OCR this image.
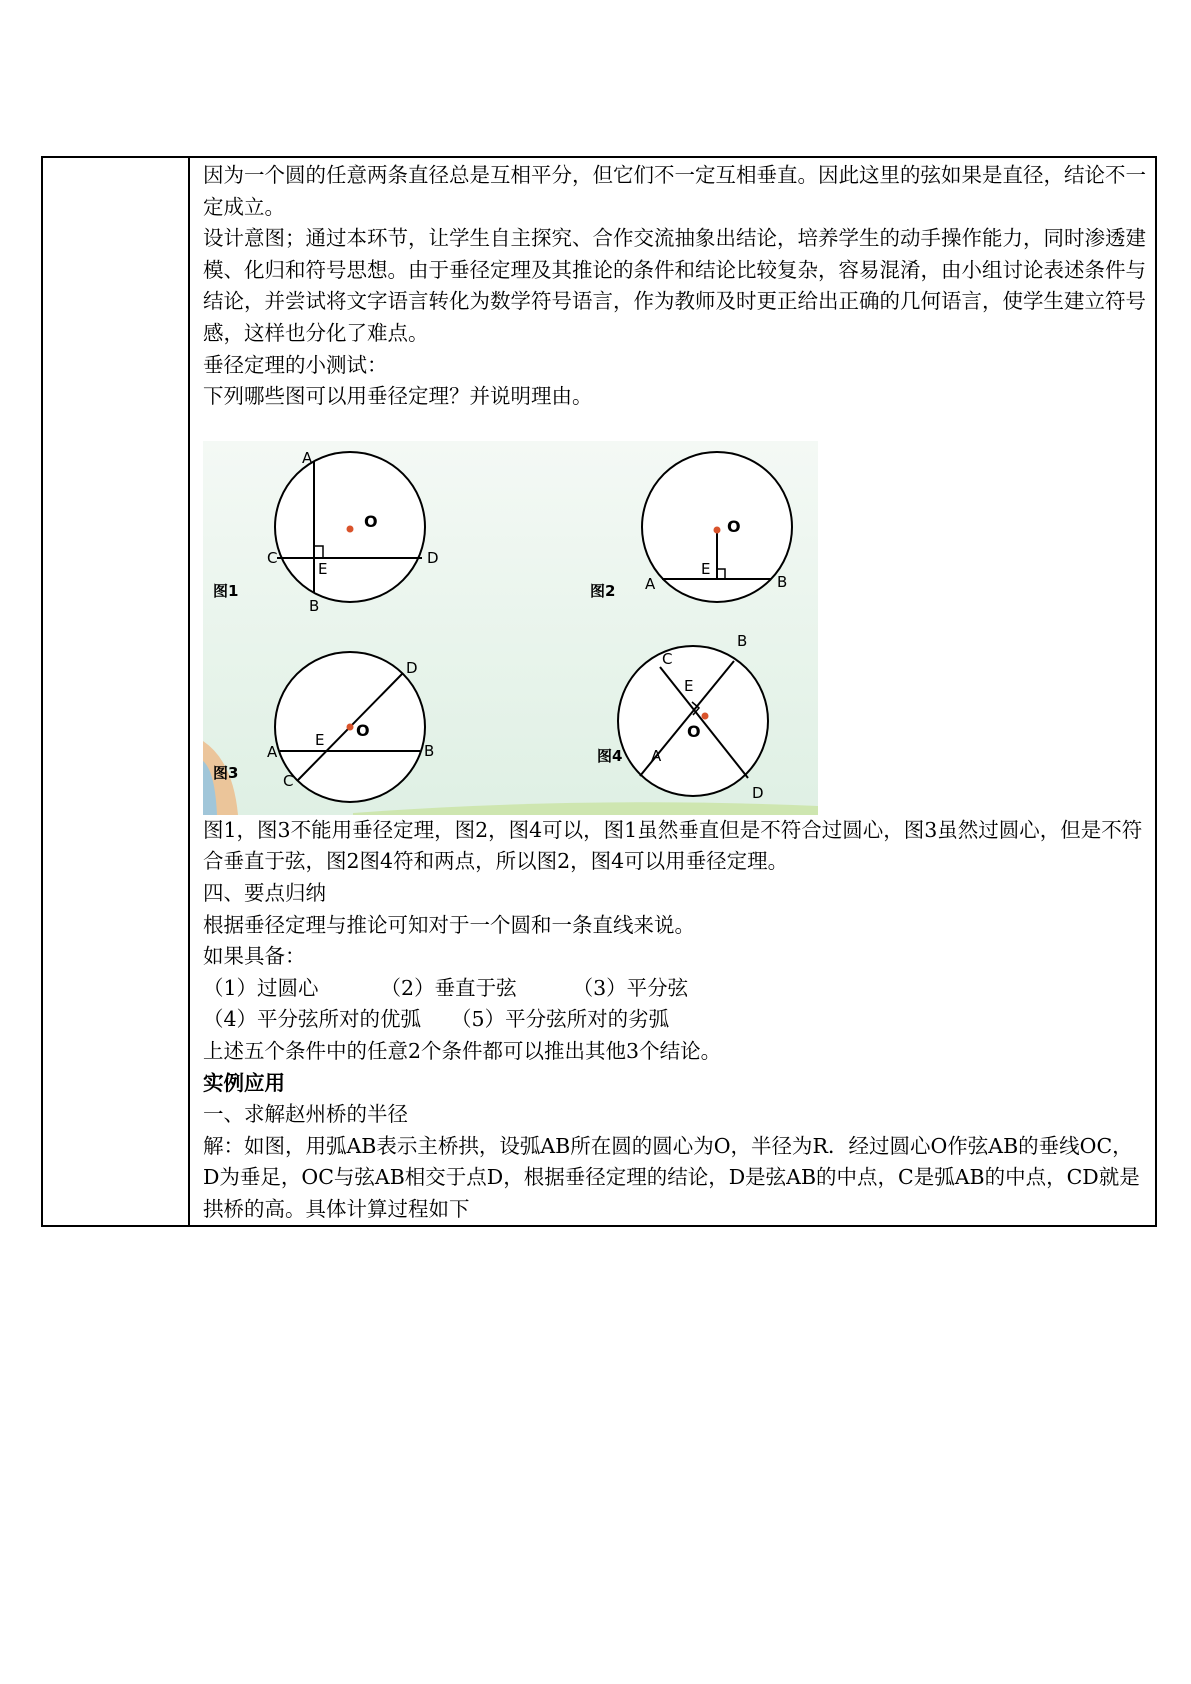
因为一个圆的任意两条直径总是互相平分，但它们不一定互相垂直。因此这里的弦如果是直径，结论不一定成立。

设计意图；通过本环节，让学生自主探究、合作交流抽象出结论，培养学生的动手操作能力，同时渗透建模、化归和符号思想。由于垂径定理及其推论的条件和结论比较复杂，容易混淆，由小组讨论表述条件与结论，并尝试将文字语言转化为数学符号语言，作为教师及时更正给出正确的几何语言，使学生建立符号感，这样也分化了难点。

垂径定理的小测试：

下列哪些图可以用垂径定理？并说明理由。

A
B
C	D
E
O
图1	A	B
E
O
图2
A	B
C
D
E O
图3
A
B
C
D
E
O
图4

图1，图3不能用垂径定理，图2，图4可以，图1虽然垂直但是不符合过圆心，图3虽然过圆心，但是不符合垂直于弦，图2图4符和两点，所以图2，图4可以用垂径定理。

四、要点归纳

根据垂径定理与推论可知对于一个圆和一条直线来说。

如果具备：

（1）过圆心	（2）垂直于弦	（3）平分弦

（4）平分弦所对的优弧 （5）平分弦所对的劣弧

上述五个条件中的任意2个条件都可以推出其他3个结论。

实例应用

一、求解赵州桥的半径

解：如图，用弧AB表示主桥拱，设弧AB所在圆的圆心为O，半径为R．经过圆心O作弦AB的垂线OC，D为垂足，OC与弦AB相交于点D，根据垂径定理的结论，D是弦AB的中点，C是弧AB的中点，CD就是拱桥的高。具体计算过程如下
